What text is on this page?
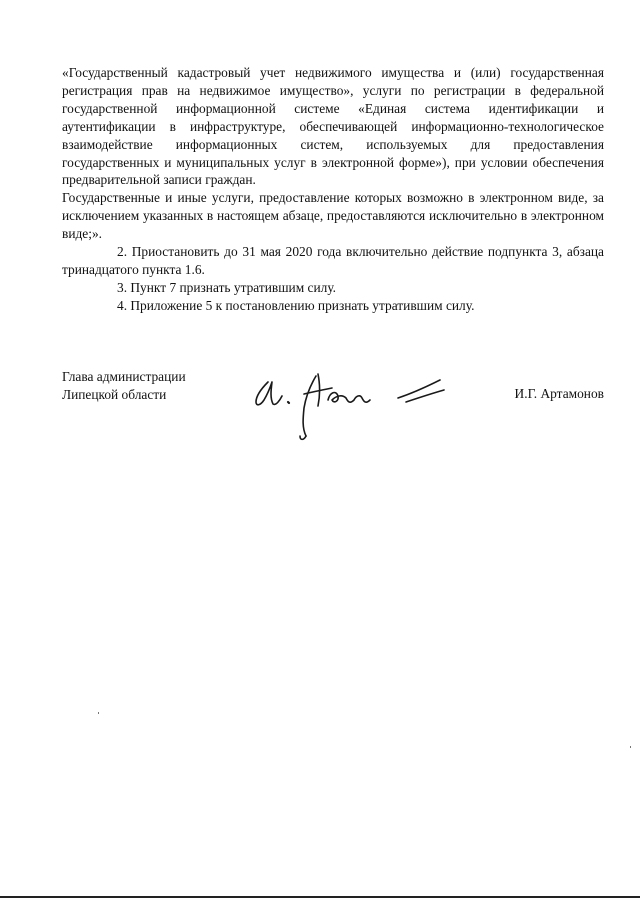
«Государственный кадастровый учет недвижимого имущества и (или) государственная регистрация прав на недвижимое имущество», услуги по регистрации в федеральной государственной информационной системе «Единая система идентификации и аутентификации в инфраструктуре, обеспечивающей информационно-технологическое взаимодействие информационных систем, используемых для предоставления государственных и муниципальных услуг в электронной форме»), при условии обеспечения предварительной записи граждан.

Государственные и иные услуги, предоставление которых возможно в электронном виде, за исключением указанных в настоящем абзаце, предоставляются исключительно в электронном виде;».

2. Приостановить до 31 мая 2020 года включительно действие подпункта 3, абзаца тринадцатого пункта 1.6.

3. Пункт 7 признать утратившим силу.

4. Приложение 5 к постановлению признать утратившим силу.

Глава администрации
Липецкой области	И.Г. Артамонов
